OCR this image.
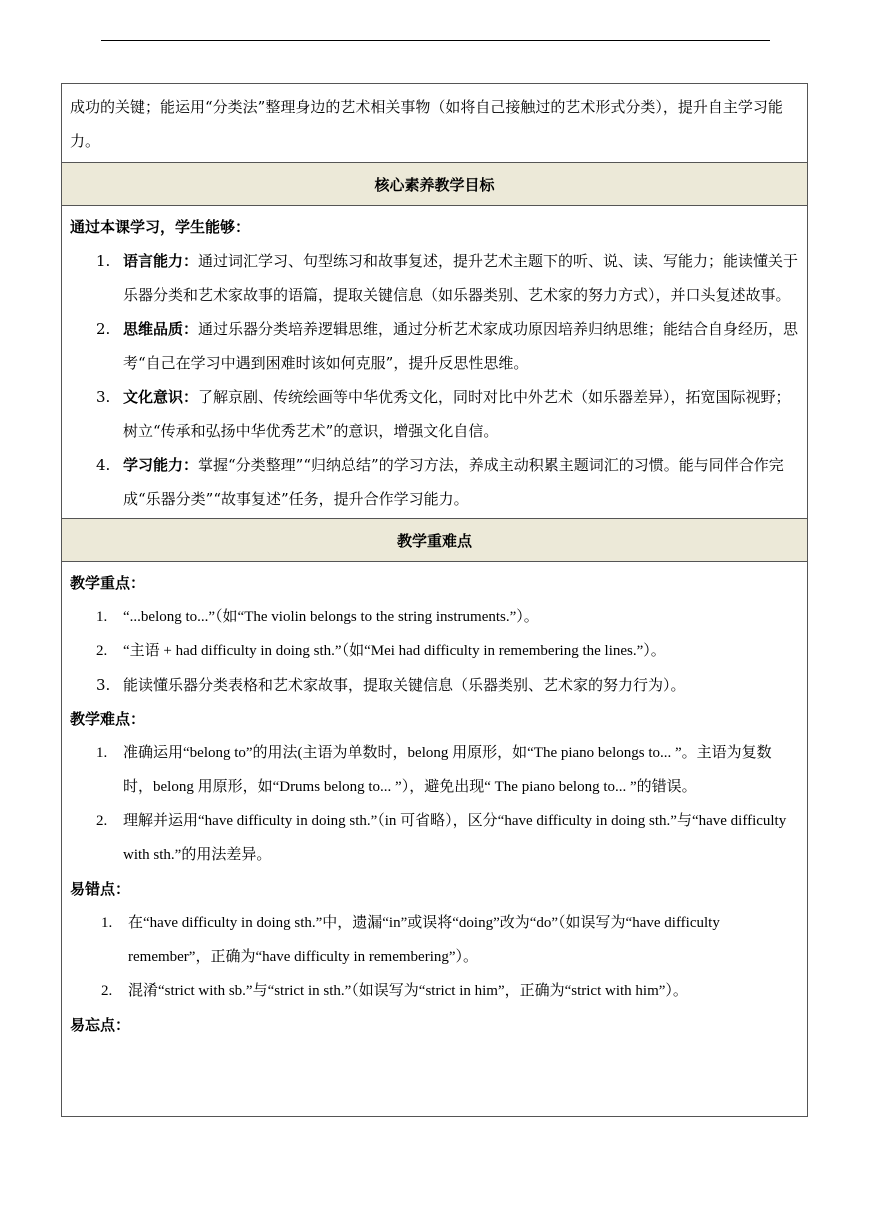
成功的关键；能运用“分类法”整理身边的艺术相关事物（如将自己接触过的艺术形式分类），提升自主学习能力。

核心素养教学目标

通过本课学习，学生能够：
1. 语言能力：通过词汇学习、句型练习和故事复述，提升艺术主题下的听、说、读、写能力；能读懂关于乐器分类和艺术家故事的语篇，提取关键信息（如乐器类别、艺术家的努力方式），并口头复述故事。
2. 思维品质：通过乐器分类培养逻辑思维，通过分析艺术家成功原因培养归纳思维；能结合自身经历，思考“自己在学习中遇到困难时该如何克服”，提升反思性思维。
3. 文化意识：了解京剧、传统绘画等中华优秀文化，同时对比中外艺术（如乐器差异），拓宽国际视野；树立“传承和弘扬中华优秀艺术”的意识，增强文化自信。
4. 学习能力：掌握“分类整理”“归纳总结”的学习方法，养成主动积累主题词汇的习惯。能与同伴合作完成“乐器分类”“故事复述”任务，提升合作学习能力。

教学重难点

教学重点：
1. “...belong to...”（如“The violin belongs to the string instruments.”）。
2. “主语 + had difficulty in doing sth.”（如“Mei had difficulty in remembering the lines.”）。
3. 能读懂乐器分类表格和艺术家故事，提取关键信息（乐器类别、艺术家的努力行为）。
教学难点：
1. 准确运用“belong to”的用法(主语为单数时，belong 用原形，如“The piano belongs to... ”。主语为复数时，belong 用原形，如“Drums belong to... ”），避免出现“ The piano belong to... ”的错误。
2. 理解并运用“have difficulty in doing sth.”（in 可省略），区分“have difficulty in doing sth.”与“have difficulty with sth.”的用法差异。
易错点：
1. 在“have difficulty in doing sth.”中，遗漏“in”或误将“doing”改为“do”（如误写为“have difficulty remember”，正确为“have difficulty in remembering”）。
2. 混淆“strict with sb.”与“strict in sth.”（如误写为“strict in him”，正确为“strict with him”）。
易忘点：
